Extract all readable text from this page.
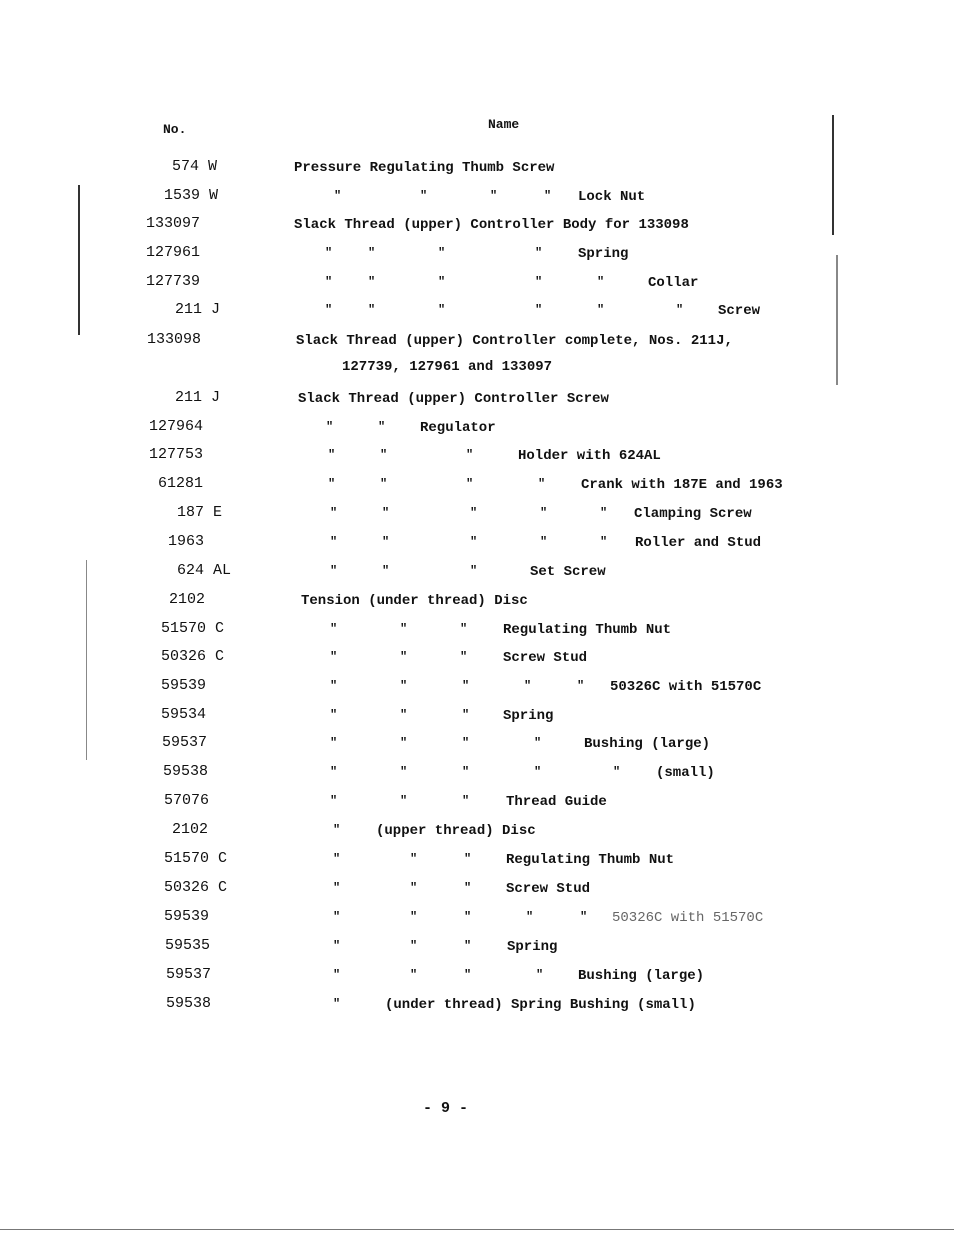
No.	Name
574 W	Pressure Regulating Thumb Screw
1539 W	"	"	"	" Lock Nut
133097	Slack Thread (upper) Controller Body for 133098
127961	"	"	"	"	Spring
127739	"	"	"	"	"	Collar
211 J	"	"	"	"	"	" Screw
133098	Slack Thread (upper) Controller complete, Nos. 211J,
127739, 127961 and 133097
211 J	Slack Thread (upper) Controller Screw
127964	"	" Regulator
127753	"	"	"	Holder with 624AL
61281	"	"	"	"	Crank with 187E and 1963
187 E	"	"	"	"	" Clamping Screw
1963	"	"	"	"	" Roller and Stud
624 AL	"	"	"	Set Screw
2102	Tension (under thread) Disc
51570 C	"	"	"	Regulating Thumb Nut
50326 C	"	"	"	Screw Stud
59539	"	"	"	"	" 50326C with 51570C
59534	"	"	" Spring
59537	"	"	"	"	Bushing (large)
59538	"	"	"	"	"	(small)
57076	"	"	"	Thread Guide
2102	"	(upper thread) Disc
51570 C	"	"	" Regulating Thumb Nut
50326 C	"	"	" Screw Stud
59539	"	"	"	"	" 50326C with 51570C
59535	"	"	"	Spring
59537	"	"	"	" Bushing (large)
59538	"	(under thread) Spring Bushing (small)
- 9 -
